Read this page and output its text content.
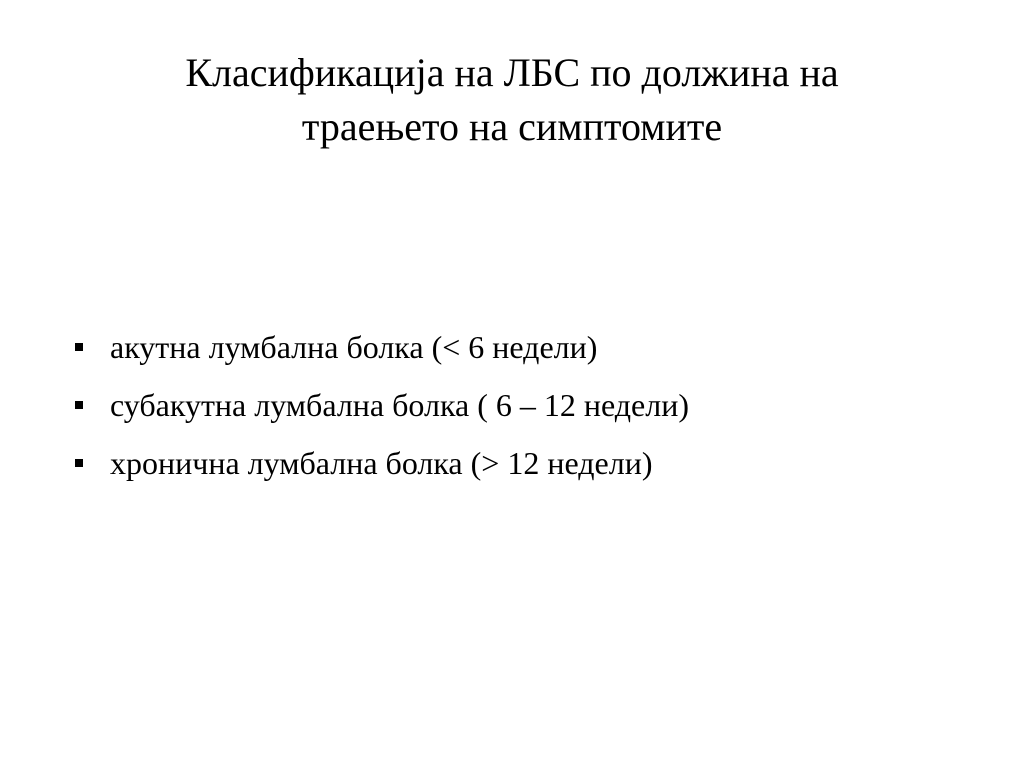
Класификација на ЛБС по должина на
траењето на симптомите
акутна лумбална болка (< 6 недели)
субакутна лумбална болка ( 6 – 12 недели)
хронична лумбална болка (> 12 недели)
